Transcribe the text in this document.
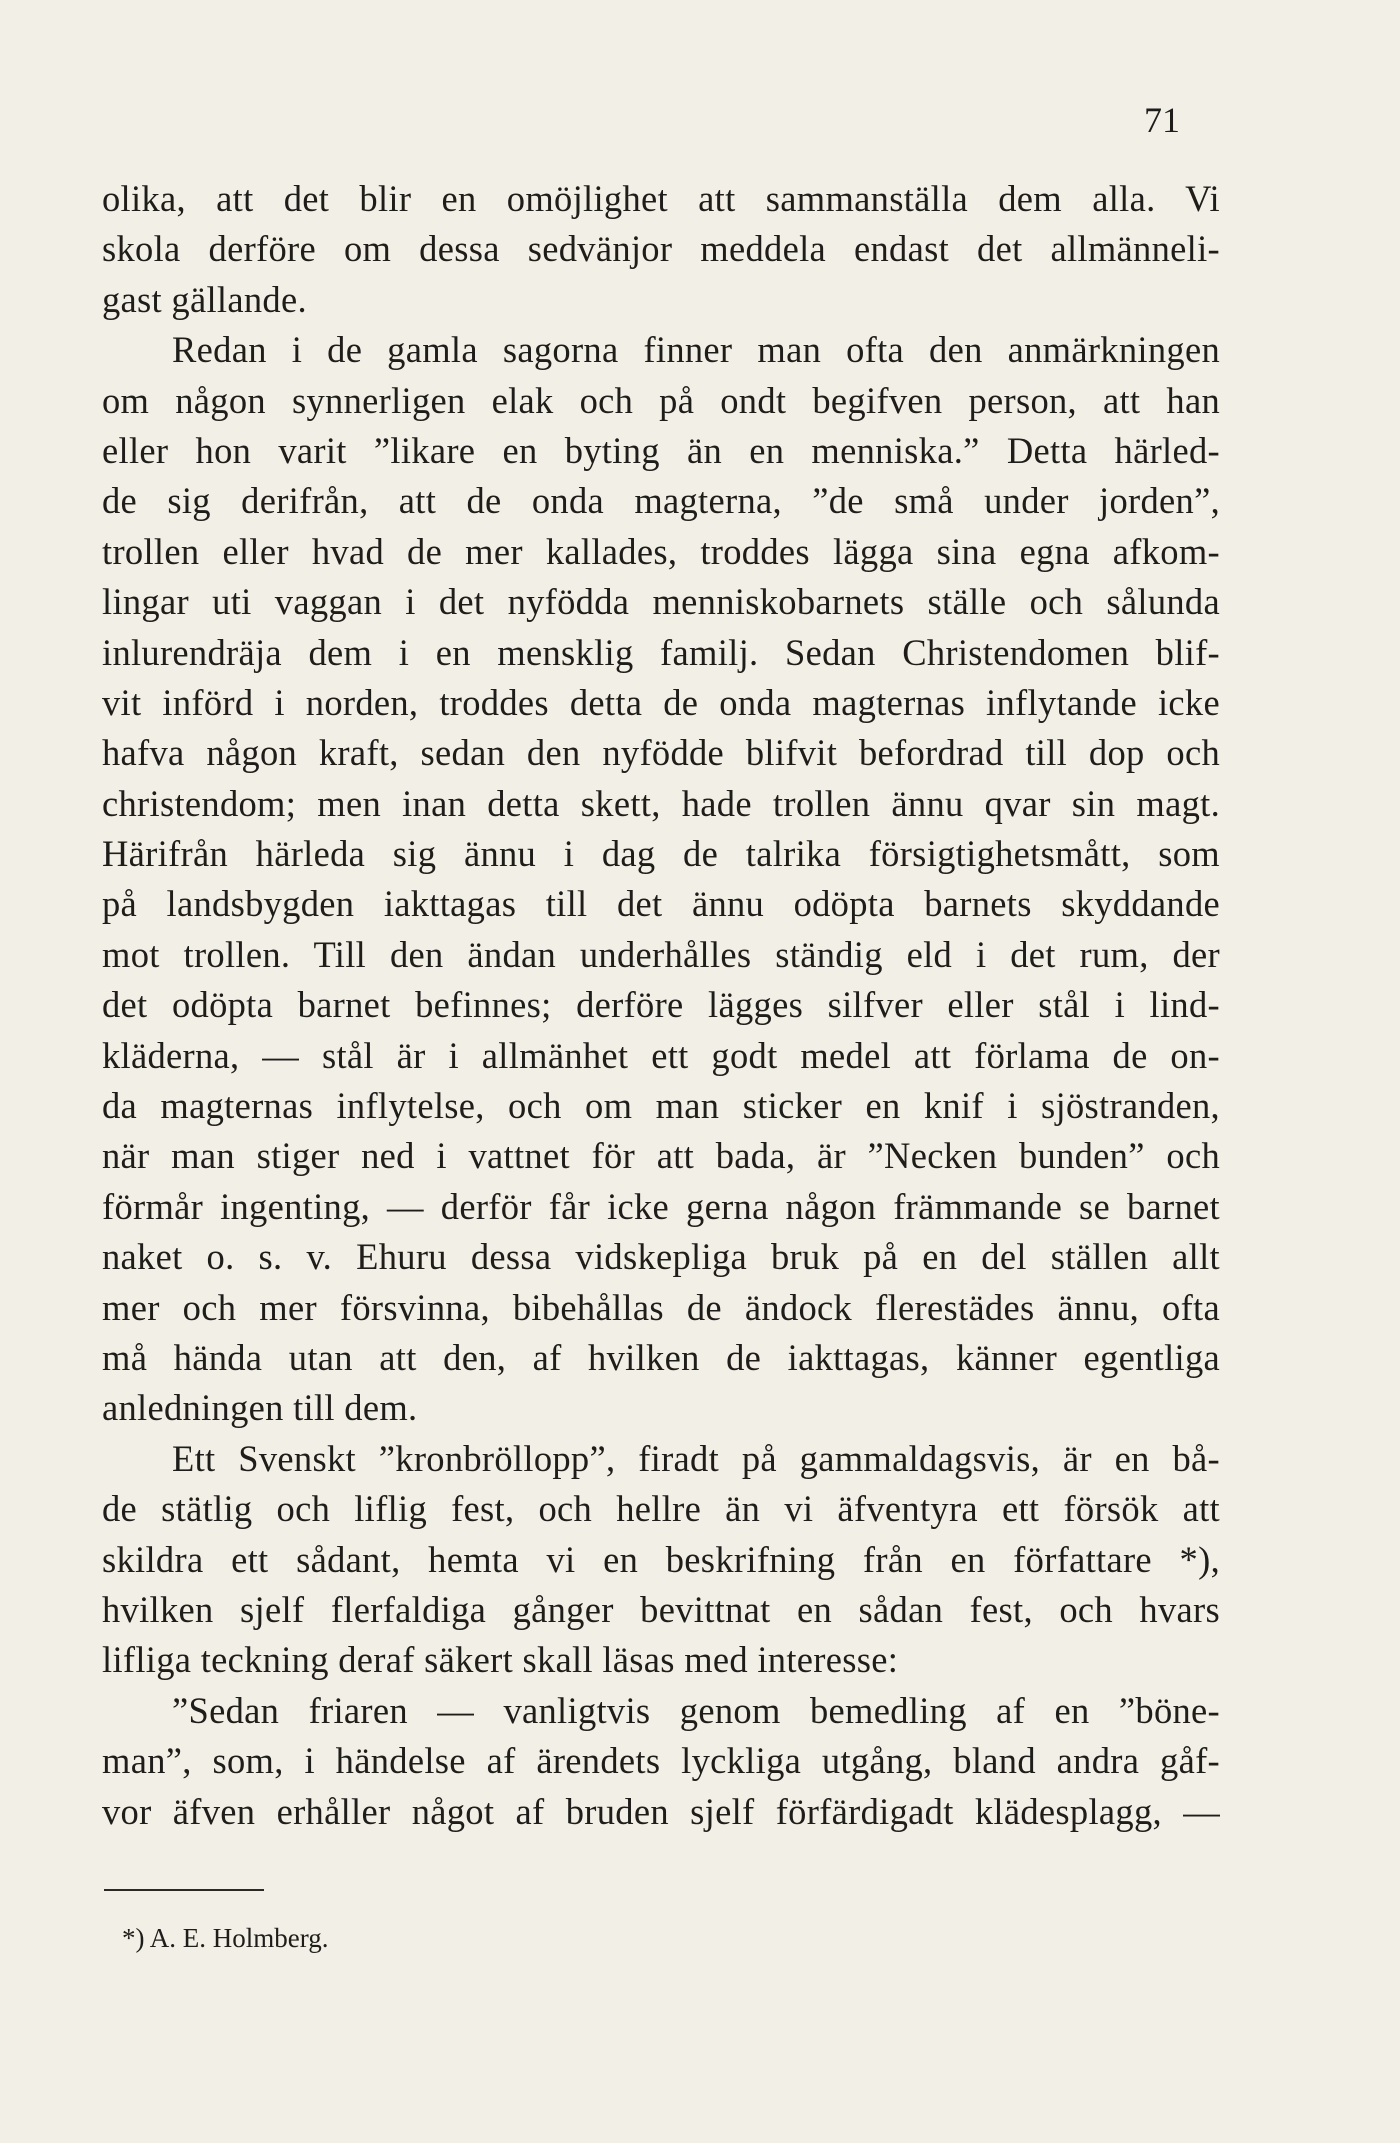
71
olika, att det blir en omöjlighet att sammanställa dem alla. Vi
skola derföre om dessa sedvänjor meddela endast det allmänneli-
gast gällande.
Redan i de gamla sagorna finner man ofta den anmärkningen
om någon synnerligen elak och på ondt begifven person, att han
eller hon varit ”likare en byting än en menniska.” Detta härled-
de sig derifrån, att de onda magterna, ”de små under jorden”,
trollen eller hvad de mer kallades, troddes lägga sina egna afkom-
lingar uti vaggan i det nyfödda menniskobarnets ställe och sålunda
inlurendräja dem i en mensklig familj. Sedan Christendomen blif-
vit införd i norden, troddes detta de onda magternas inflytande icke
hafva någon kraft, sedan den nyfödde blifvit befordrad till dop och
christendom; men inan detta skett, hade trollen ännu qvar sin magt.
Härifrån härleda sig ännu i dag de talrika försigtighetsmått, som
på landsbygden iakttagas till det ännu odöpta barnets skyddande
mot trollen. Till den ändan underhålles ständig eld i det rum, der
det odöpta barnet befinnes; derföre lägges silfver eller stål i lind-
kläderna, — stål är i allmänhet ett godt medel att förlama de on-
da magternas inflytelse, och om man sticker en knif i sjöstranden,
när man stiger ned i vattnet för att bada, är ”Necken bunden” och
förmår ingenting, — derför får icke gerna någon främmande se barnet
naket o. s. v. Ehuru dessa vidskepliga bruk på en del ställen allt
mer och mer försvinna, bibehållas de ändock flerestädes ännu, ofta
må hända utan att den, af hvilken de iakttagas, känner egentliga
anledningen till dem.
Ett Svenskt ”kronbröllopp”, firadt på gammaldagsvis, är en bå-
de stätlig och liflig fest, och hellre än vi äfventyra ett försök att
skildra ett sådant, hemta vi en beskrifning från en författare *),
hvilken sjelf flerfaldiga gånger bevittnat en sådan fest, och hvars
lifliga teckning deraf säkert skall läsas med interesse:
”Sedan friaren — vanligtvis genom bemedling af en ”böne-
man”, som, i händelse af ärendets lyckliga utgång, bland andra gåf-
vor äfven erhåller något af bruden sjelf förfärdigadt klädesplagg, —
*) A. E. Holmberg.
